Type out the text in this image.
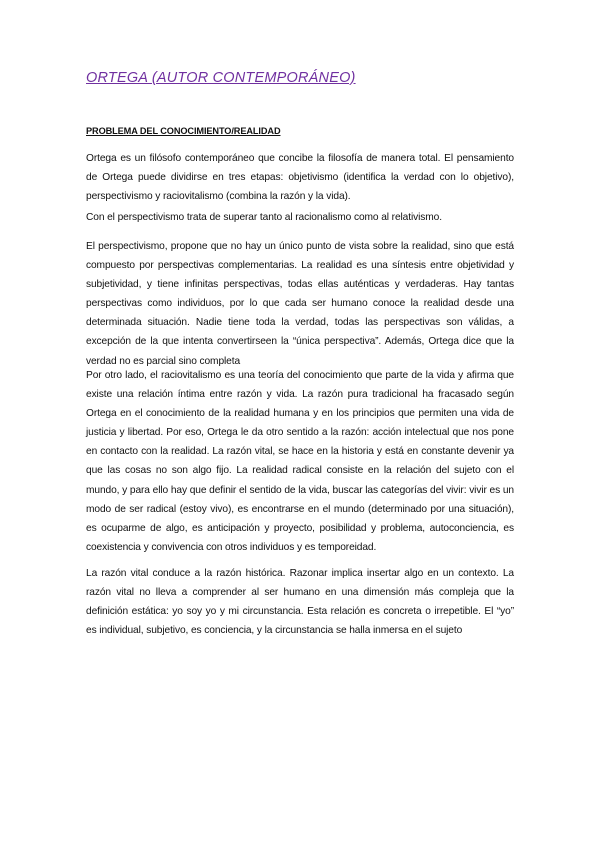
ORTEGA (AUTOR CONTEMPORÁNEO)
PROBLEMA DEL CONOCIMIENTO/REALIDAD

Ortega es un filósofo contemporáneo que concibe la filosofía de manera total. El pensamiento de Ortega puede dividirse en tres etapas: objetivismo (identifica la verdad con lo objetivo), perspectivismo y raciovitalismo (combina la razón y la vida).

Con el perspectivismo trata de superar tanto al racionalismo como al relativismo.

El perspectivismo, propone que no hay un único punto de vista sobre la realidad, sino que está compuesto por perspectivas complementarias. La realidad es una síntesis entre objetividad y subjetividad, y tiene infinitas perspectivas, todas ellas auténticas y verdaderas. Hay tantas perspectivas como individuos, por lo que cada ser humano conoce la realidad desde una determinada situación. Nadie tiene toda la verdad, todas las perspectivas son válidas, a excepción de la que intenta convertirseen la “única perspectiva”. Además, Ortega dice que la verdad no es parcial sino completa

Por otro lado, el raciovitalismo es una teoría del conocimiento que parte de la vida y afirma que existe una relación íntima entre razón y vida. La razón pura tradicional ha fracasado según Ortega en el conocimiento de la realidad humana y en los principios que permiten una vida de justicia y libertad. Por eso, Ortega le da otro sentido a la razón: acción intelectual que nos pone en contacto con la realidad. La razón vital, se hace en la historia y está en constante devenir ya que las cosas no son algo fijo. La realidad radical consiste en la relación del sujeto con el mundo, y para ello hay que definir el sentido de la vida, buscar las categorías del vivir: vivir es un modo de ser radical (estoy vivo), es encontrarse en el mundo (determinado por una situación), es ocuparme de algo, es anticipación y proyecto, posibilidad y problema, autoconciencia, es coexistencia y convivencia con otros individuos y es temporeidad.

La razón vital conduce a la razón histórica. Razonar implica insertar algo en un contexto. La razón vital no lleva a comprender al ser humano en una dimensión más compleja que la definición estática: yo soy yo y mi circunstancia. Esta relación es concreta o irrepetible. El “yo” es individual, subjetivo, es conciencia, y la circunstancia se halla inmersa en el sujeto
